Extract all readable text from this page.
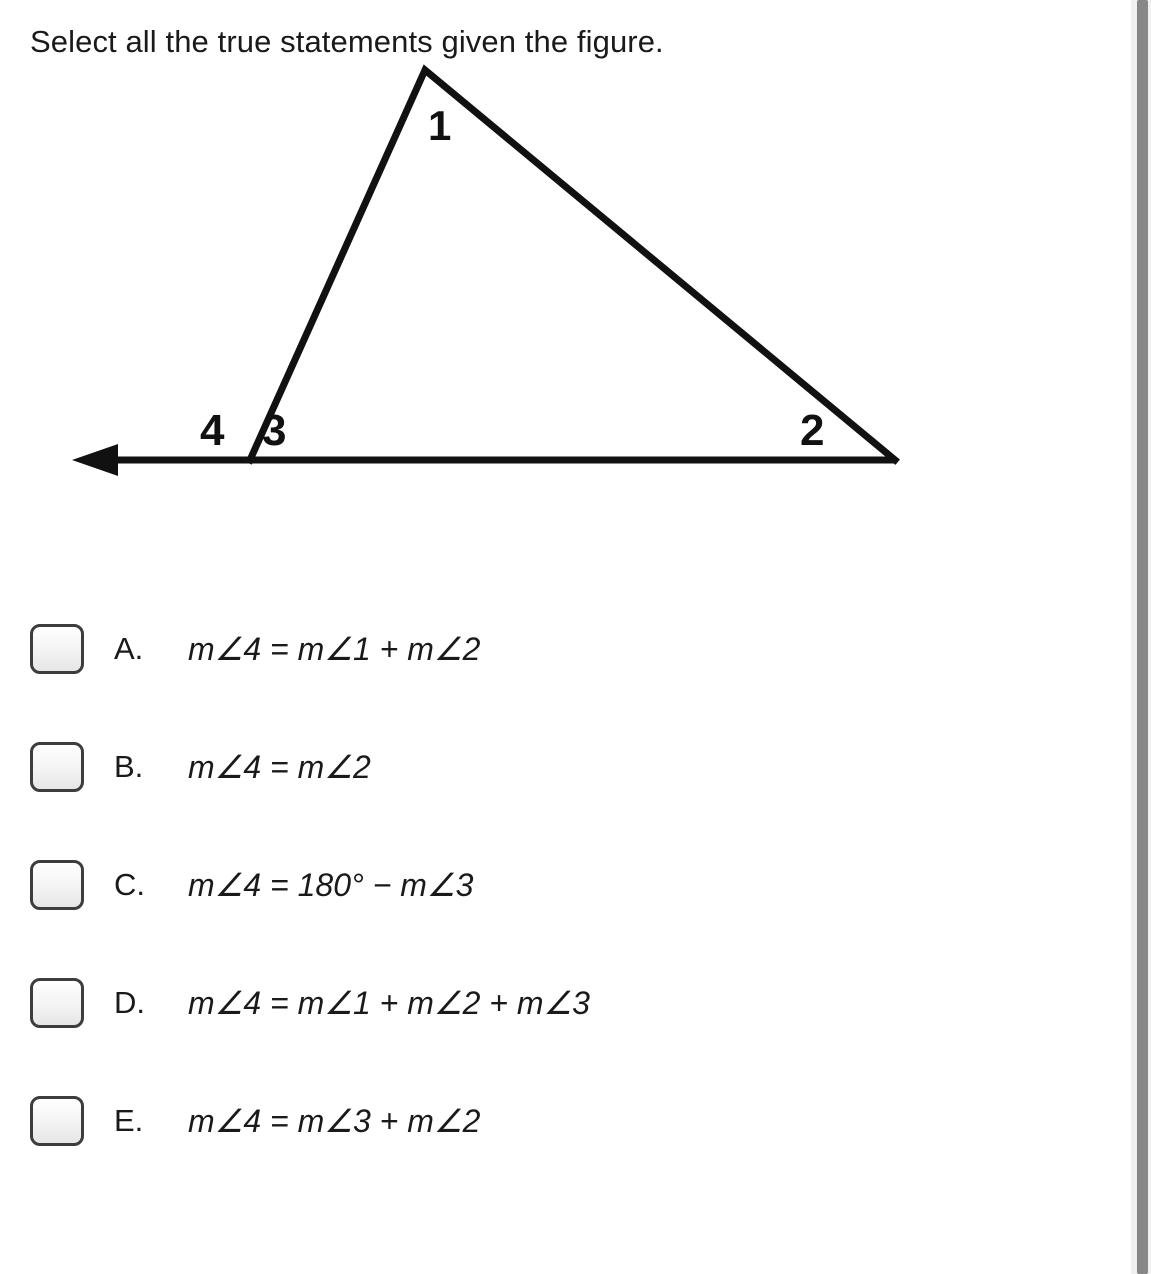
Select all the true statements given the figure.
1
4 3	2
A.	m∠4 = m∠1 + m∠2
B.	m∠4 = m∠2
C.	m∠4 = 180° − m∠3
D.	m∠4 = m∠1 + m∠2 + m∠3
E.	m∠4 = m∠3 + m∠2
